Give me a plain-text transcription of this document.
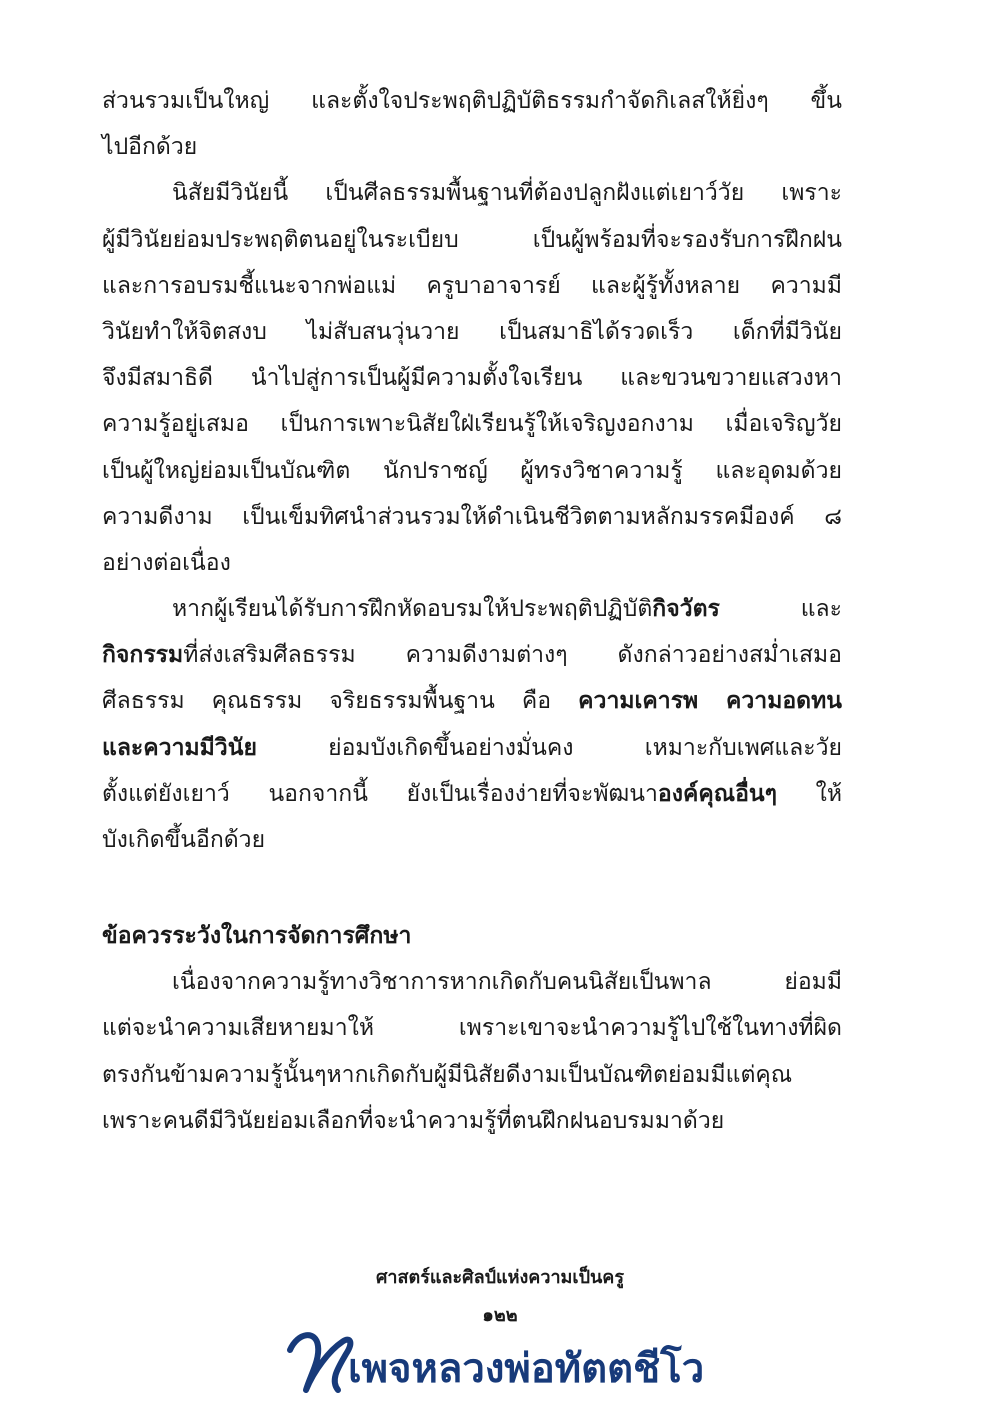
ส่วนรวมเป็นใหญ่ และตั้งใจประพฤติปฏิบัติธรรมกำจัดกิเลสให้ยิ่งๆ ขึ้น
ไปอีกด้วย
นิสัยมีวินัยนี้ เป็นศีลธรรมพื้นฐานที่ต้องปลูกฝังแต่เยาว์วัย เพราะ
ผู้มีวินัยย่อมประพฤติตนอยู่ในระเบียบ เป็นผู้พร้อมที่จะรองรับการฝึกฝน
และการอบรมชี้แนะจากพ่อแม่ ครูบาอาจารย์ และผู้รู้ทั้งหลาย ความมี
วินัยทำให้จิตสงบ ไม่สับสนวุ่นวาย เป็นสมาธิได้รวดเร็ว เด็กที่มีวินัย
จึงมีสมาธิดี นำไปสู่การเป็นผู้มีความตั้งใจเรียน และขวนขวายแสวงหา
ความรู้อยู่เสมอ เป็นการเพาะนิสัยใฝ่เรียนรู้ให้เจริญงอกงาม เมื่อเจริญวัย
เป็นผู้ใหญ่ย่อมเป็นบัณฑิต นักปราชญ์ ผู้ทรงวิชาความรู้ และอุดมด้วย
ความดีงาม เป็นเข็มทิศนำส่วนรวมให้ดำเนินชีวิตตามหลักมรรคมีองค์ ๘
อย่างต่อเนื่อง
หากผู้เรียนได้รับการฝึกหัดอบรมให้ประพฤติปฏิบัติกิจวัตร และ
กิจกรรมที่ส่งเสริมศีลธรรม ความดีงามต่างๆ ดังกล่าวอย่างสม่ำเสมอ
ศีลธรรม คุณธรรม จริยธรรมพื้นฐาน คือ ความเคารพ ความอดทน
และความมีวินัย ย่อมบังเกิดขึ้นอย่างมั่นคง เหมาะกับเพศและวัย
ตั้งแต่ยังเยาว์ นอกจากนี้ ยังเป็นเรื่องง่ายที่จะพัฒนาองค์คุณอื่นๆ ให้
บังเกิดขึ้นอีกด้วย
ข้อควรระวังในการจัดการศึกษา
เนื่องจากความรู้ทางวิชาการหากเกิดกับคนนิสัยเป็นพาล ย่อมมี
แต่จะนำความเสียหายมาให้ เพราะเขาจะนำความรู้ไปใช้ในทางที่ผิด
ตรงกันข้ามความรู้นั้นๆหากเกิดกับผู้มีนิสัยดีงามเป็นบัณฑิตย่อมมีแต่คุณ
เพราะคนดีมีวินัยย่อมเลือกที่จะนำความรู้ที่ตนฝึกฝนอบรมมาด้วย
ศาสตร์และศิลป์แห่งความเป็นครู
๑๒๒
เพจหลวงพ่อทัตตชีโว
